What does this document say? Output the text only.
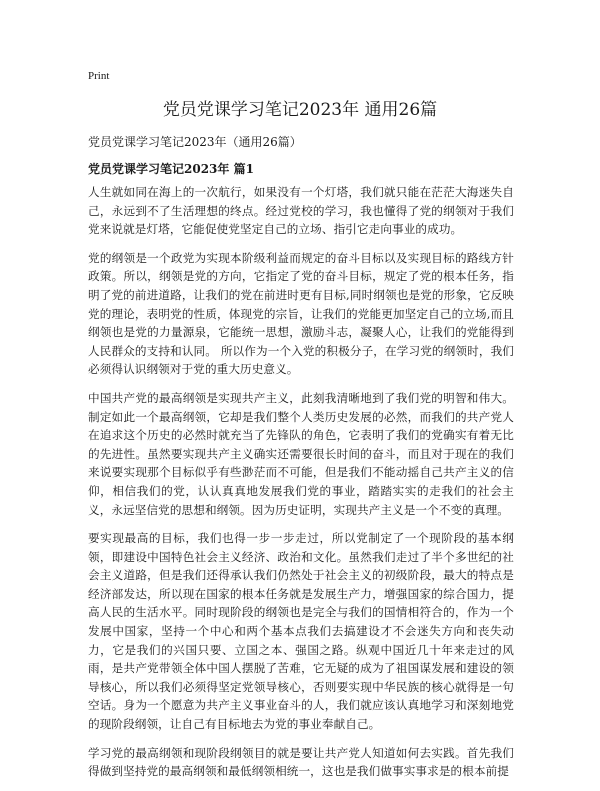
Print
党员党课学习笔记2023年 通用26篇
党员党课学习笔记2023年（通用26篇）
党员党课学习笔记2023年 篇1

人生就如同在海上的一次航行，如果没有一个灯塔，我们就只能在茫茫大海迷失自己，永远到不了生活理想的终点。经过党校的学习，我也懂得了党的纲领对于我们党来说就是灯塔，它能促使党坚定自己的立场、指引它走向事业的成功。

党的纲领是一个政党为实现本阶级利益而规定的奋斗目标以及实现目标的路线方针政策。所以，纲领是党的方向，它指定了党的奋斗目标，规定了党的根本任务，指明了党的前进道路，让我们的党在前进时更有目标,同时纲领也是党的形象，它反映党的理论，表明党的性质，体现党的宗旨，让我们的党能更加坚定自己的立场,而且纲领也是党的力量源泉，它能统一思想，激励斗志，凝聚人心，让我们的党能得到人民群众的支持和认同。 所以作为一个入党的积极分子，在学习党的纲领时，我们必须得认识纲领对于党的重大历史意义。

中国共产党的最高纲领是实现共产主义，此刻我清晰地到了我们党的明智和伟大。制定如此一个最高纲领，它却是我们整个人类历史发展的必然，而我们的共产党人在追求这个历史的必然时就充当了先锋队的角色，它表明了我们的党确实有着无比的先进性。虽然要实现共产主义确实还需要很长时间的奋斗，而且对于现在的我们来说要实现那个目标似乎有些渺茫而不可能，但是我们不能动摇自己共产主义的信仰，相信我们的党，认认真真地发展我们党的事业，踏踏实实的走我们的社会主义，永远坚信党的思想和纲领。因为历史证明，实现共产主义是一个不变的真理。

要实现最高的目标，我们也得一步一步走过，所以党制定了一个现阶段的基本纲领，即建设中国特色社会主义经济、政治和文化。虽然我们走过了半个多世纪的社会主义道路，但是我们还得承认我们仍然处于社会主义的初级阶段，最大的特点是经济部发达，所以现在国家的根本任务就是发展生产力，增强国家的综合国力，提高人民的生活水平。同时现阶段的纲领也是完全与我们的国情相符合的，作为一个发展中国家，坚持一个中心和两个基本点我们去搞建设才不会迷失方向和丧失动力，它是我们的兴国只要、立国之本、强国之路。纵观中国近几十年来走过的风雨，是共产党带领全体中国人摆脱了苦难，它无疑的成为了祖国谋发展和建设的领导核心，所以我们必须得坚定党领导核心，否则要实现中华民族的核心就得是一句空话。身为一个愿意为共产主义事业奋斗的人，我们就应该认真地学习和深刻地党的现阶段纲领，让自己有目标地去为党的事业奉献自己。

学习党的最高纲领和现阶段纲领目的就是要让共产党人知道如何去实践。首先我们得做到坚持党的最高纲领和最低纲领相统一，这也是我们做事实事求是的根本前提
